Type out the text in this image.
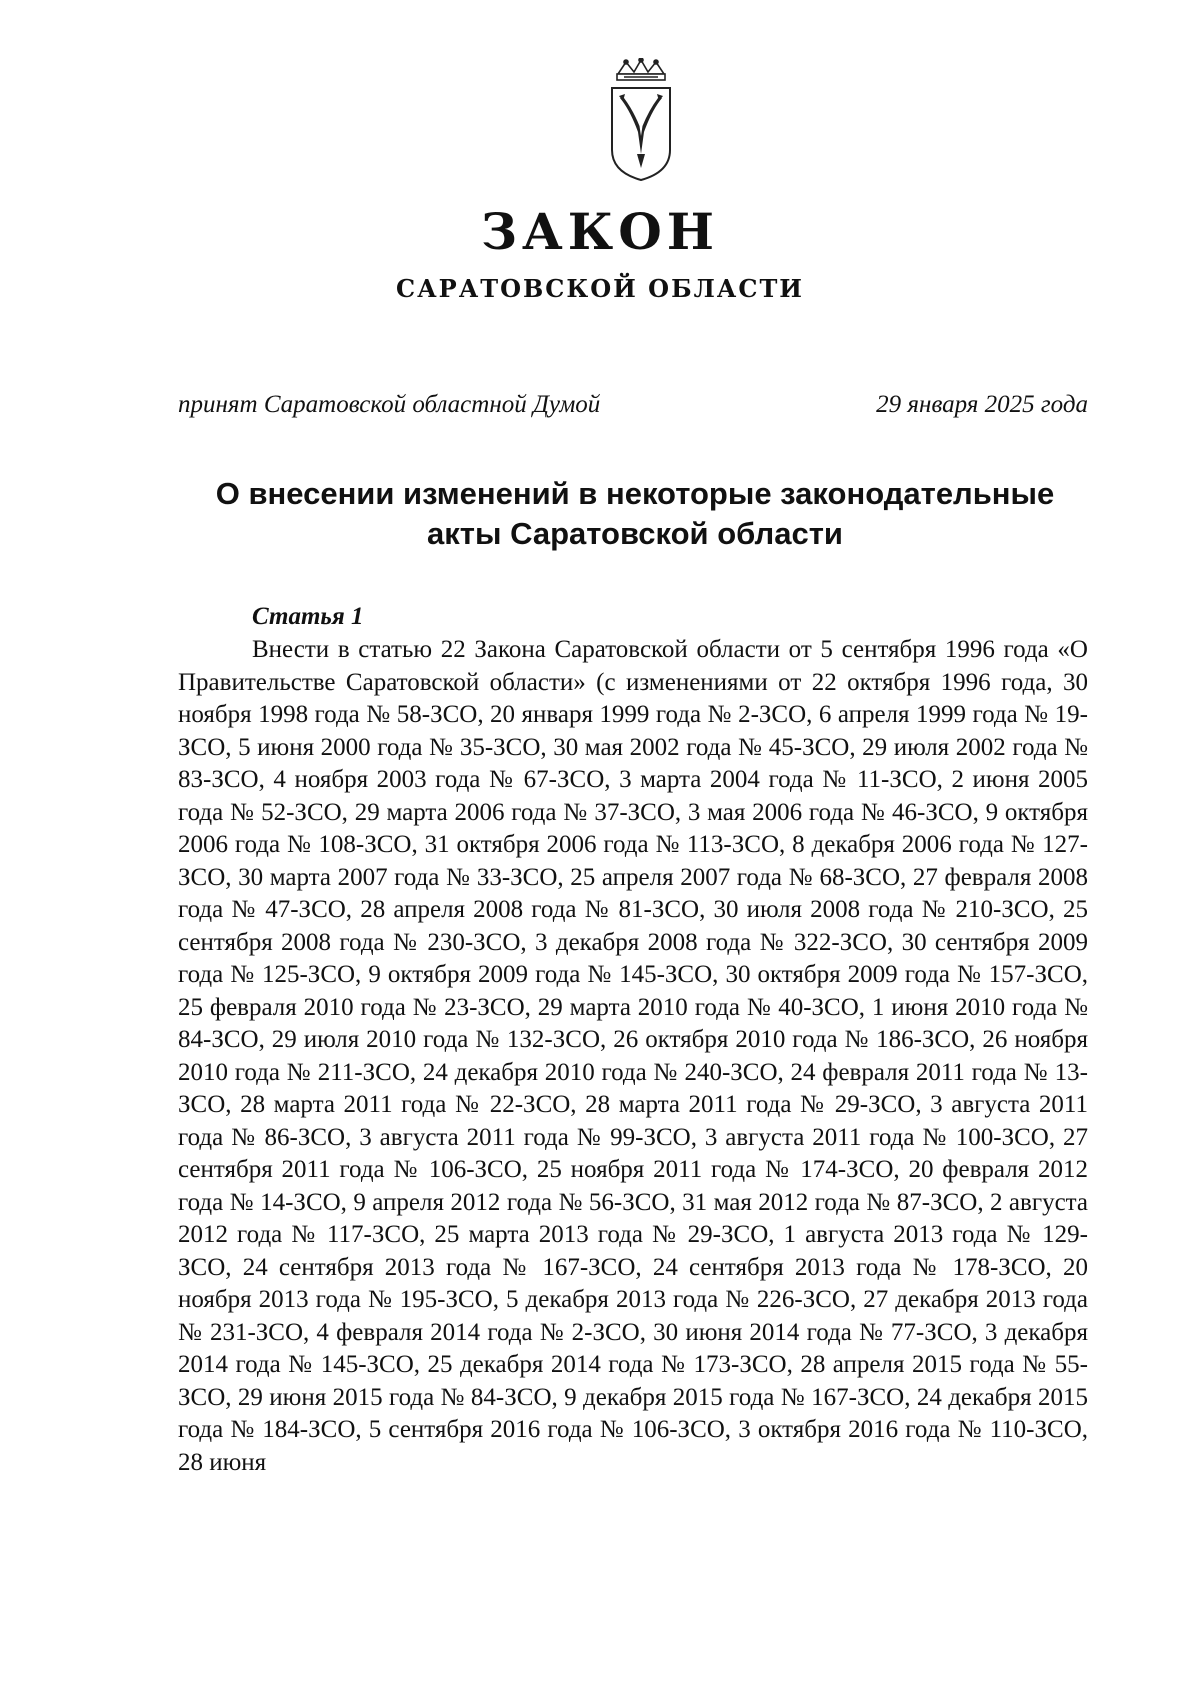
ЗАКОН
САРАТОВСКОЙ ОБЛАСТИ
принят Саратовской областной Думой	29 января 2025 года
О внесении изменений в некоторые законодательные
акты Саратовской области
Статья 1

Внести в статью 22 Закона Саратовской области от 5 сентября 1996 года «О Правительстве Саратовской области» (с изменениями от 22 октября 1996 года, 30 ноября 1998 года № 58-ЗСО, 20 января 1999 года № 2-ЗСО, 6 апреля 1999 года № 19-ЗСО, 5 июня 2000 года № 35-ЗСО, 30 мая 2002 года № 45-ЗСО, 29 июля 2002 года № 83-ЗСО, 4 ноября 2003 года № 67-ЗСО, 3 марта 2004 года № 11-ЗСО, 2 июня 2005 года № 52-ЗСО, 29 марта 2006 года № 37-ЗСО, 3 мая 2006 года № 46-ЗСО, 9 октября 2006 года № 108-ЗСО, 31 октября 2006 года № 113-ЗСО, 8 декабря 2006 года № 127-ЗСО, 30 марта 2007 года № 33-ЗСО, 25 апреля 2007 года № 68-ЗСО, 27 февраля 2008 года № 47-ЗСО, 28 апреля 2008 года № 81-ЗСО, 30 июля 2008 года № 210-ЗСО, 25 сентября 2008 года № 230-ЗСО, 3 декабря 2008 года № 322-ЗСО, 30 сентября 2009 года № 125-ЗСО, 9 октября 2009 года № 145-ЗСО, 30 октября 2009 года № 157-ЗСО, 25 февраля 2010 года № 23-ЗСО, 29 марта 2010 года № 40-ЗСО, 1 июня 2010 года № 84-ЗСО, 29 июля 2010 года № 132-ЗСО, 26 октября 2010 года № 186-ЗСО, 26 ноября 2010 года № 211-ЗСО, 24 декабря 2010 года № 240-ЗСО, 24 февраля 2011 года № 13-ЗСО, 28 марта 2011 года № 22-ЗСО, 28 марта 2011 года № 29-ЗСО, 3 августа 2011 года № 86-ЗСО, 3 августа 2011 года № 99-ЗСО, 3 августа 2011 года № 100-ЗСО, 27 сентября 2011 года № 106-ЗСО, 25 ноября 2011 года № 174-ЗСО, 20 февраля 2012 года № 14-ЗСО, 9 апреля 2012 года № 56-ЗСО, 31 мая 2012 года № 87-ЗСО, 2 августа 2012 года № 117-ЗСО, 25 марта 2013 года № 29-ЗСО, 1 августа 2013 года № 129-ЗСО, 24 сентября 2013 года № 167-ЗСО, 24 сентября 2013 года № 178-ЗСО, 20 ноября 2013 года № 195-ЗСО, 5 декабря 2013 года № 226-ЗСО, 27 декабря 2013 года № 231-ЗСО, 4 февраля 2014 года № 2-ЗСО, 30 июня 2014 года № 77-ЗСО, 3 декабря 2014 года № 145-ЗСО, 25 декабря 2014 года № 173-ЗСО, 28 апреля 2015 года № 55-ЗСО, 29 июня 2015 года № 84-ЗСО, 9 декабря 2015 года № 167-ЗСО, 24 декабря 2015 года № 184-ЗСО, 5 сентября 2016 года № 106-ЗСО, 3 октября 2016 года № 110-ЗСО, 28 июня
